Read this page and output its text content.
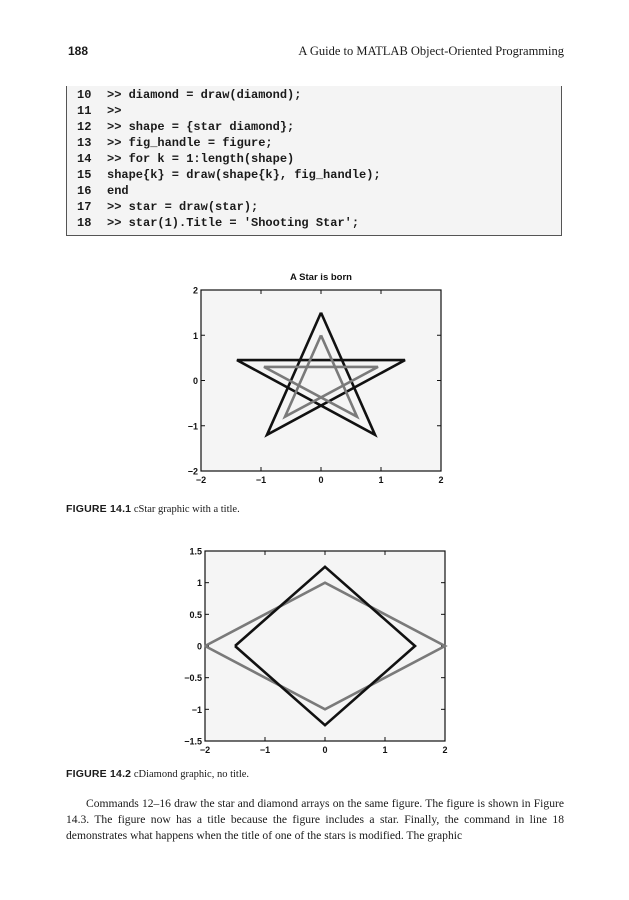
188	A Guide to MATLAB Object-Oriented Programming
10 >> diamond = draw(diamond);
11 >>
12 >> shape = {star diamond};
13 >> fig_handle = figure;
14 >> for k = 1:length(shape)
15 shape{k} = draw(shape{k}, fig_handle);
16 end
17 >> star = draw(star);
18 >> star(1).Title = 'Shooting Star';
A Star is born
−2	−1	0	1	2
−2
−1
0
1
2
−2	−1	0	1	2
−1.5
−1
−0.5
0
0.5
1
1.5
FIGURE 14.1 cStar graphic with a title.
FIGURE 14.2 cDiamond graphic, no title.

Commands 12–16 draw the star and diamond arrays on the same figure. The figure is shown in Figure 14.3. The figure now has a title because the figure includes a star. Finally, the command in line 18 demonstrates what happens when the title of one of the stars is modified. The graphic
